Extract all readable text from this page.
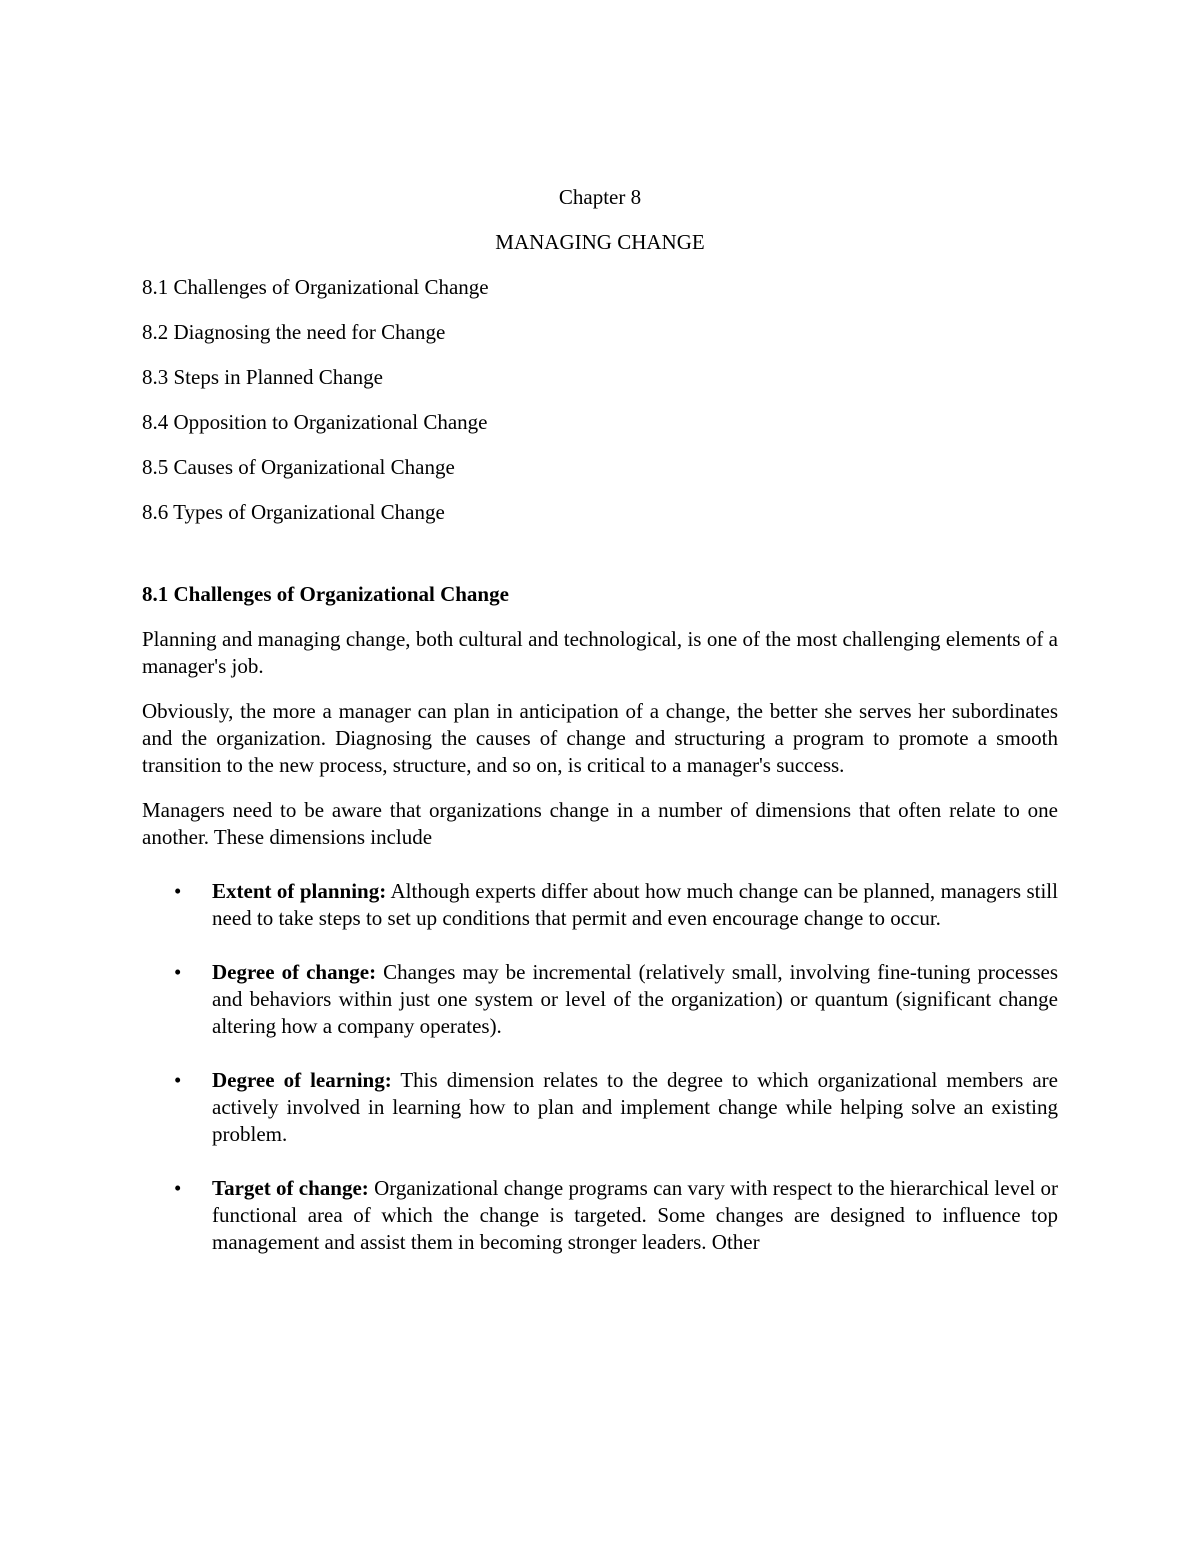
Chapter 8

MANAGING CHANGE
8.1 Challenges of Organizational Change
8.2 Diagnosing the need for Change
8.3 Steps in Planned Change
8.4 Opposition to Organizational Change
8.5 Causes of Organizational Change
8.6 Types of Organizational Change
8.1 Challenges of Organizational Change

Planning and managing change, both cultural and technological, is one of the most challenging elements of a manager's job.

Obviously, the more a manager can plan in anticipation of a change, the better she serves her subordinates and the organization. Diagnosing the causes of change and structuring a program to promote a smooth transition to the new process, structure, and so on, is critical to a manager's success.

Managers need to be aware that organizations change in a number of dimensions that often relate to one another. These dimensions include

• Extent of planning: Although experts differ about how much change can be planned, managers still need to take steps to set up conditions that permit and even encourage change to occur.
• Degree of change: Changes may be incremental (relatively small, involving fine-tuning processes and behaviors within just one system or level of the organization) or quantum (significant change altering how a company operates).
• Degree of learning: This dimension relates to the degree to which organizational members are actively involved in learning how to plan and implement change while helping solve an existing problem.
• Target of change: Organizational change programs can vary with respect to the hierarchical level or functional area of which the change is targeted. Some changes are designed to influence top management and assist them in becoming stronger leaders. Other
